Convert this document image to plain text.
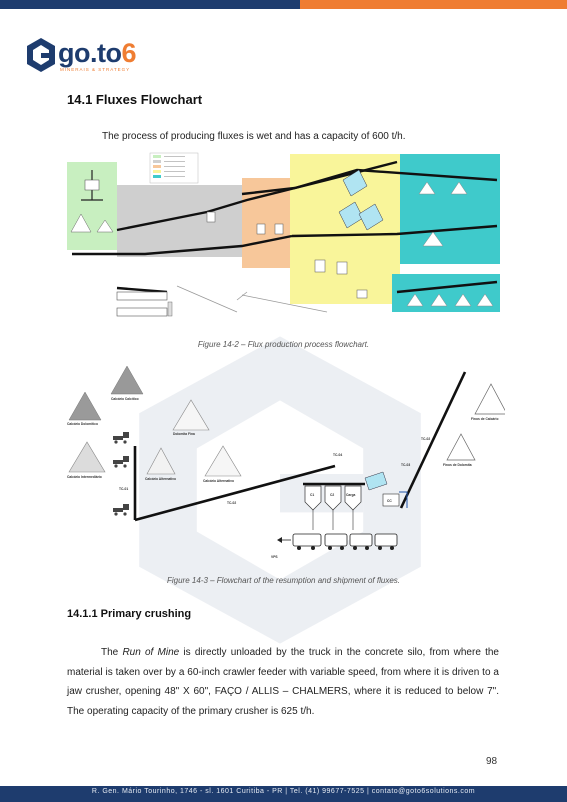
go.to6
MINERAIS & STRATEGY
14.1 Fluxes Flowchart

The process of producing fluxes is wet and has a capacity of 600 t/h.

Figure 14-2 – Flux production process flowchart.
Calcário Calcítico
Calcário Dolomítico
Dolomita Fina
Calcário Intermediário	Calcário Alternativo	Calcário Alternativo
Finos de Calcário
Finos de Dolomita
TC-01
TC-02
TC-04
TC-03
TC-02
C1	C2	Carga
CC
VPS
Figure 14-3 – Flowchart of the resumption and shipment of fluxes.
14.1.1 Primary crushing

The Run of Mine is directly unloaded by the truck in the concrete silo, from where the material is taken over by a 60-inch crawler feeder with variable speed, from where it is driven to a jaw crusher, opening 48" X 60", FAÇO / ALLIS – CHALMERS, where it is reduced to below 7". The operating capacity of the primary crusher is 625 t/h.

98
R. Gen. Mário Tourinho, 1746 - sl. 1601 Curitiba - PR | Tel. (41) 99677-7525 | contato@goto6solutions.com
